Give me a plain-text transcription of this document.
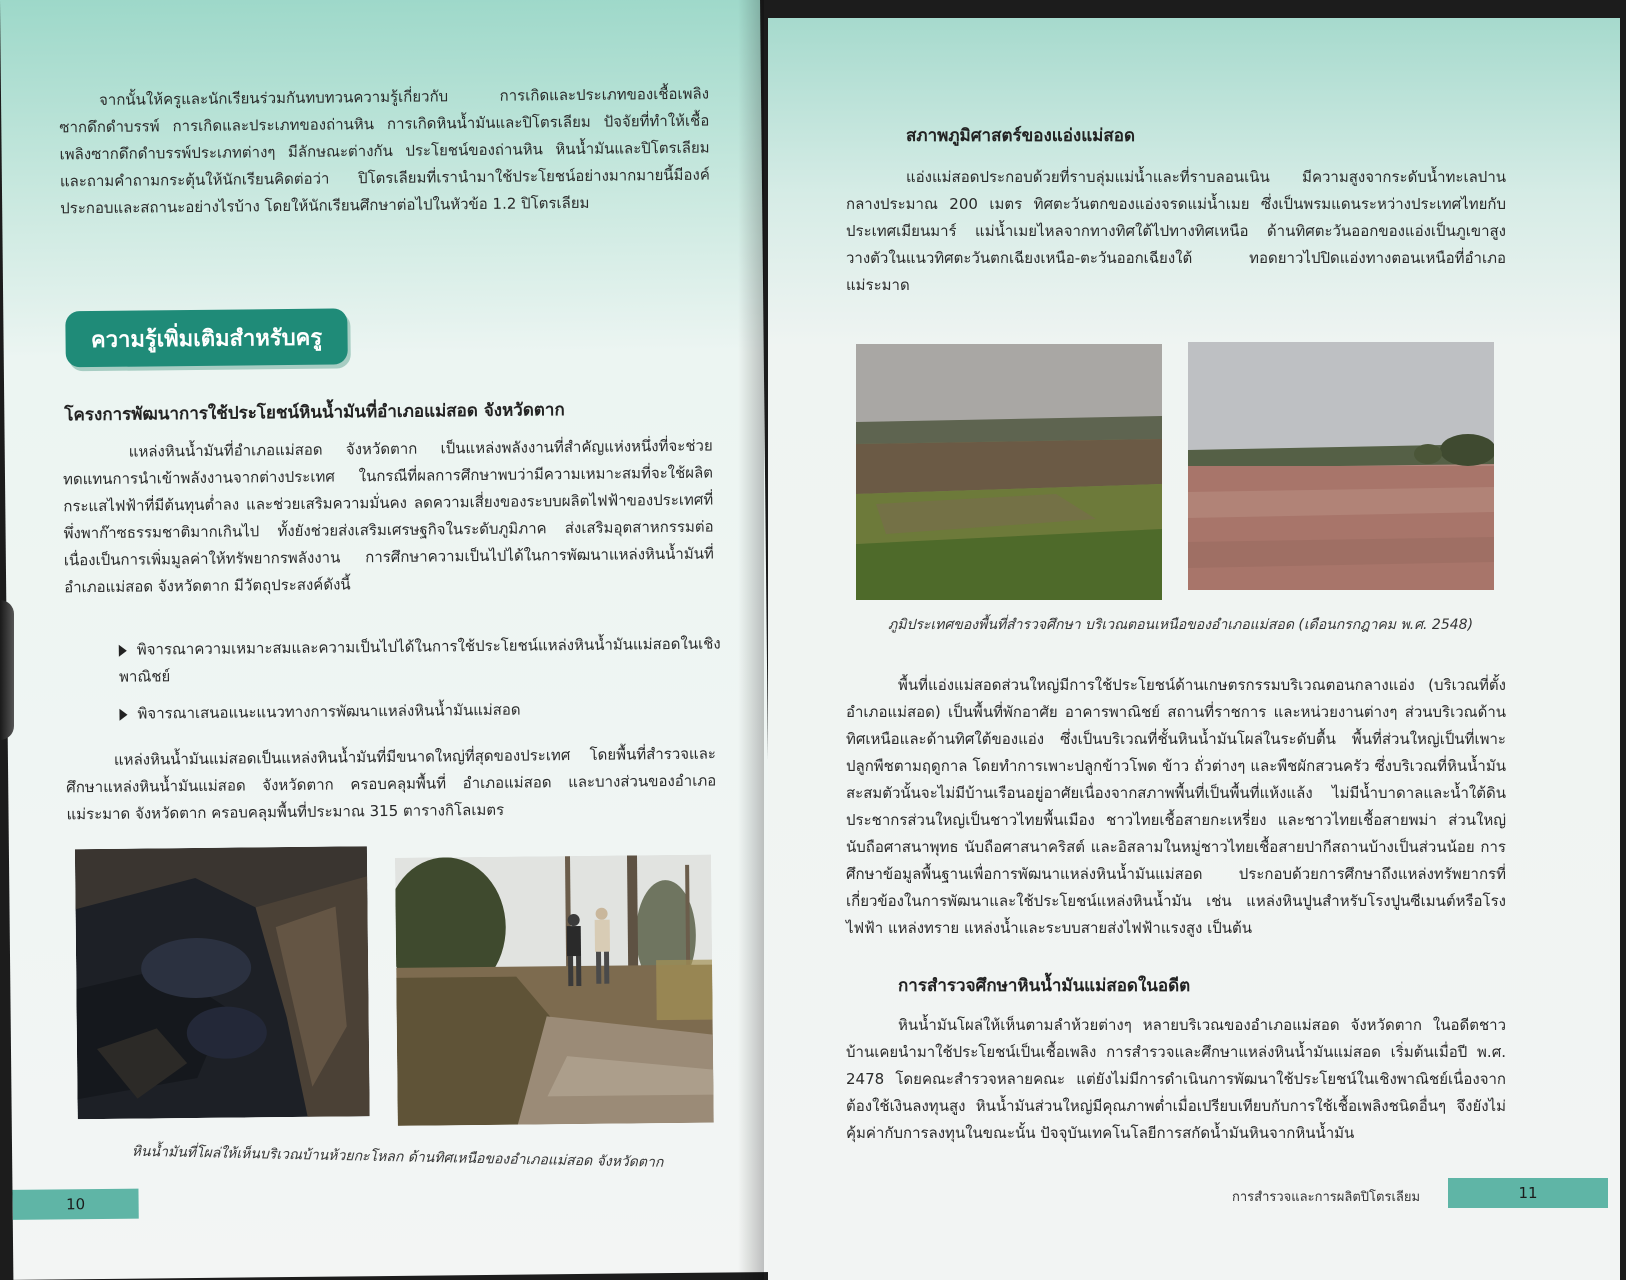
จากนั้นให้ครูและนักเรียนร่วมกันทบทวนความรู้เกี่ยวกับ การเกิดและประเภทของเชื้อเพลิงซากดึกดำบรรพ์ การเกิดและประเภทของถ่านหิน การเกิดหินน้ำมันและปิโตรเลียม ปัจจัยที่ทำให้เชื้อเพลิงซากดึกดำบรรพ์ประเภทต่างๆ มีลักษณะต่างกัน ประโยชน์ของถ่านหิน หินน้ำมันและปิโตรเลียม และถามคำถามกระตุ้นให้นักเรียนคิดต่อว่า ปิโตรเลียมที่เรานำมาใช้ประโยชน์อย่างมากมายนี้มีองค์ประกอบและสถานะอย่างไรบ้าง โดยให้นักเรียนศึกษาต่อไปในหัวข้อ 1.2 ปิโตรเลียม

ความรู้เพิ่มเติมสำหรับครู

โครงการพัฒนาการใช้ประโยชน์หินน้ำมันที่อำเภอแม่สอด จังหวัดตาก

แหล่งหินน้ำมันที่อำเภอแม่สอด จังหวัดตาก เป็นแหล่งพลังงานที่สำคัญแห่งหนึ่งที่จะช่วยทดแทนการนำเข้าพลังงานจากต่างประเทศ ในกรณีที่ผลการศึกษาพบว่ามีความเหมาะสมที่จะใช้ผลิตกระแสไฟฟ้าที่มีต้นทุนต่ำลง และช่วยเสริมความมั่นคง ลดความเสี่ยงของระบบผลิตไฟฟ้าของประเทศที่พึ่งพาก๊าซธรรมชาติมากเกินไป ทั้งยังช่วยส่งเสริมเศรษฐกิจในระดับภูมิภาค ส่งเสริมอุตสาหกรรมต่อเนื่องเป็นการเพิ่มมูลค่าให้ทรัพยากรพลังงาน การศึกษาความเป็นไปได้ในการพัฒนาแหล่งหินน้ำมันที่อำเภอแม่สอด จังหวัดตาก มีวัตถุประสงค์ดังนี้

พิจารณาความเหมาะสมและความเป็นไปได้ในการใช้ประโยชน์แหล่งหินน้ำมันแม่สอดในเชิงพาณิชย์
พิจารณาเสนอแนะแนวทางการพัฒนาแหล่งหินน้ำมันแม่สอด

แหล่งหินน้ำมันแม่สอดเป็นแหล่งหินน้ำมันที่มีขนาดใหญ่ที่สุดของประเทศ โดยพื้นที่สำรวจและศึกษาแหล่งหินน้ำมันแม่สอด จังหวัดตาก ครอบคลุมพื้นที่ อำเภอแม่สอด และบางส่วนของอำเภอแม่ระมาด จังหวัดตาก ครอบคลุมพื้นที่ประมาณ 315 ตารางกิโลเมตร

หินน้ำมันที่โผล่ให้เห็นบริเวณบ้านห้วยกะโหลก ด้านทิศเหนือของอำเภอแม่สอด จังหวัดตาก
10

สภาพภูมิศาสตร์ของแอ่งแม่สอด

แอ่งแม่สอดประกอบด้วยที่ราบลุ่มแม่น้ำและที่ราบลอนเนิน มีความสูงจากระดับน้ำทะเลปานกลางประมาณ 200 เมตร ทิศตะวันตกของแอ่งจรดแม่น้ำเมย ซึ่งเป็นพรมแดนระหว่างประเทศไทยกับประเทศเมียนมาร์ แม่น้ำเมยไหลจากทางทิศใต้ไปทางทิศเหนือ ด้านทิศตะวันออกของแอ่งเป็นภูเขาสูงวางตัวในแนวทิศตะวันตกเฉียงเหนือ-ตะวันออกเฉียงใต้ ทอดยาวไปปิดแอ่งทางตอนเหนือที่อำเภอแม่ระมาด

ภูมิประเทศของพื้นที่สำรวจศึกษา บริเวณตอนเหนือของอำเภอแม่สอด (เดือนกรกฎาคม พ.ศ. 2548)

พื้นที่แอ่งแม่สอดส่วนใหญ่มีการใช้ประโยชน์ด้านเกษตรกรรมบริเวณตอนกลางแอ่ง (บริเวณที่ตั้งอำเภอแม่สอด) เป็นพื้นที่พักอาศัย อาคารพาณิชย์ สถานที่ราชการ และหน่วยงานต่างๆ ส่วนบริเวณด้านทิศเหนือและด้านทิศใต้ของแอ่ง ซึ่งเป็นบริเวณที่ชั้นหินน้ำมันโผล่ในระดับตื้น พื้นที่ส่วนใหญ่เป็นที่เพาะปลูกพืชตามฤดูกาล โดยทำการเพาะปลูกข้าวโพด ข้าว ถั่วต่างๆ และพืชผักสวนครัว ซึ่งบริเวณที่หินน้ำมันสะสมตัวนั้นจะไม่มีบ้านเรือนอยู่อาศัยเนื่องจากสภาพพื้นที่เป็นพื้นที่แห้งแล้ง ไม่มีน้ำบาดาลและน้ำใต้ดิน ประชากรส่วนใหญ่เป็นชาวไทยพื้นเมือง ชาวไทยเชื้อสายกะเหรี่ยง และชาวไทยเชื้อสายพม่า ส่วนใหญ่นับถือศาสนาพุทธ นับถือศาสนาคริสต์ และอิสลามในหมู่ชาวไทยเชื้อสายปากีสถานบ้างเป็นส่วนน้อย การศึกษาข้อมูลพื้นฐานเพื่อการพัฒนาแหล่งหินน้ำมันแม่สอด ประกอบด้วยการศึกษาถึงแหล่งทรัพยากรที่เกี่ยวข้องในการพัฒนาและใช้ประโยชน์แหล่งหินน้ำมัน เช่น แหล่งหินปูนสำหรับโรงปูนซีเมนต์หรือโรงไฟฟ้า แหล่งทราย แหล่งน้ำและระบบสายส่งไฟฟ้าแรงสูง เป็นต้น

การสำรวจศึกษาหินน้ำมันแม่สอดในอดีต

หินน้ำมันโผล่ให้เห็นตามลำห้วยต่างๆ หลายบริเวณของอำเภอแม่สอด จังหวัดตาก ในอดีตชาวบ้านเคยนำมาใช้ประโยชน์เป็นเชื้อเพลิง การสำรวจและศึกษาแหล่งหินน้ำมันแม่สอด เริ่มต้นเมื่อปี พ.ศ. 2478 โดยคณะสำรวจหลายคณะ แต่ยังไม่มีการดำเนินการพัฒนาใช้ประโยชน์ในเชิงพาณิชย์เนื่องจากต้องใช้เงินลงทุนสูง หินน้ำมันส่วนใหญ่มีคุณภาพต่ำเมื่อเปรียบเทียบกับการใช้เชื้อเพลิงชนิดอื่นๆ จึงยังไม่คุ้มค่ากับการลงทุนในขณะนั้น ปัจจุบันเทคโนโลยีการสกัดน้ำมันหินจากหินน้ำมัน

การสำรวจและการผลิตปิโตรเลียม	11
